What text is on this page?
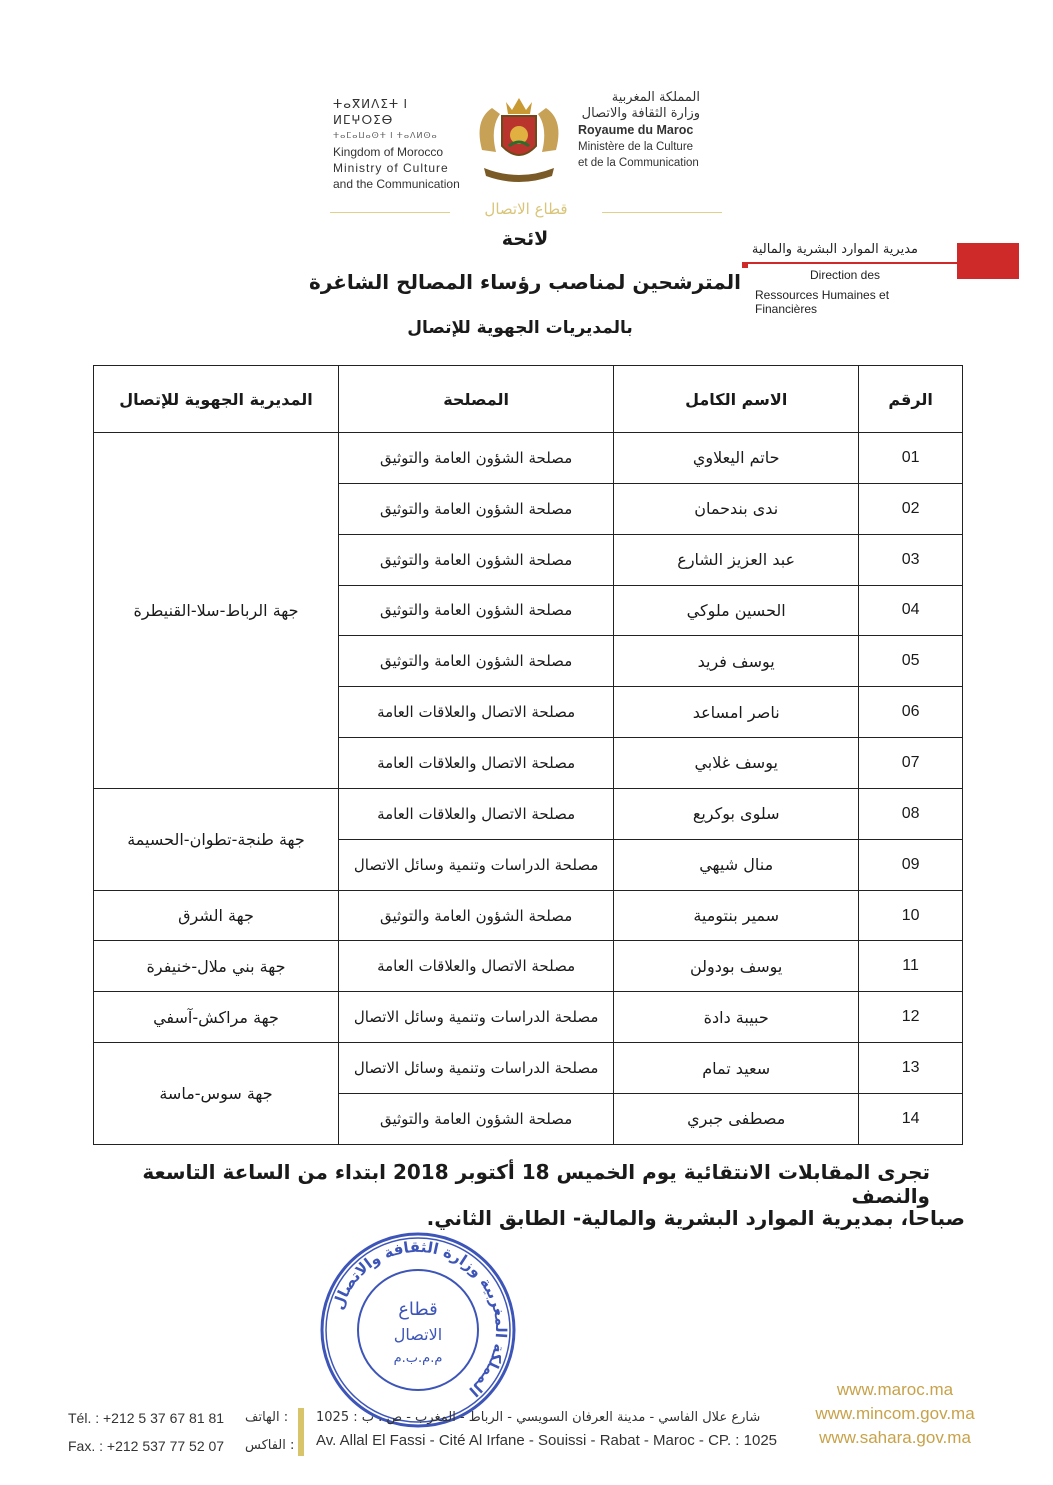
ⵜⴰⴳⵍⴷⵉⵜ ⵏ ⵍⵎⵖⵔⵉⴱ
ⵜⴰⵎⴰⵡⴰⵙⵜ ⵏ ⵜⴰⴷⵍⵙⴰ
Kingdom of Morocco
Ministry of Culture
and the Communication
المملكة المغربية
وزارة الثقافة والاتصال
Royaume du Maroc
Ministère de la Culture
et de la Communication
قطاع الاتصال
لائحة
المترشحين لمناصب رؤساء المصالح الشاغرة
بالمديريات الجهوية للإتصال
مديرية الموارد البشرية والمالية
Direction des
Ressources Humaines et Financières
الرقم	الاسم الكامل	المصلحة	المديرية الجهوية للإتصال
01	حاتم اليعلاوي	مصلحة الشؤون العامة والتوثيق	جهة الرباط-سلا-القنيطرة
02	ندى بندحمان	مصلحة الشؤون العامة والتوثيق	
03	عبد العزيز الشارع	مصلحة الشؤون العامة والتوثيق	
04	الحسين ملوكي	مصلحة الشؤون العامة والتوثيق	
05	يوسف فريد	مصلحة الشؤون العامة والتوثيق	
06	ناصر امساعد	مصلحة الاتصال والعلاقات العامة	
07	يوسف غلابي	مصلحة الاتصال والعلاقات العامة	
08	سلوى بوكريع	مصلحة الاتصال والعلاقات العامة	جهة طنجة-تطوان-الحسيمة
09	منال شيهي	مصلحة الدراسات وتنمية وسائل الاتصال	
10	سمير بنتومية	مصلحة الشؤون العامة والتوثيق	جهة الشرق
11	يوسف بودولن	مصلحة الاتصال والعلاقات العامة	جهة بني ملال-خنيفرة
12	حبيبة دادة	مصلحة الدراسات وتنمية وسائل الاتصال	جهة مراكش-آسفي
13	سعيد تمام	مصلحة الدراسات وتنمية وسائل الاتصال	جهة سوس-ماسة
14	مصطفى جبري	مصلحة الشؤون العامة والتوثيق	
تجرى المقابلات الانتقائية يوم الخميس 18 أكتوبر 2018 ابتداء من الساعة التاسعة والنصف
صباحا، بمديرية الموارد البشرية والمالية- الطابق الثاني.
المملكة المغربية وزارة الثقافة والاتصال
قطاع
الاتصال
م.م.ب.م
Tél. : +212 5 37 67 81 81 : الهاتف
Fax. : +212 537 77 52 07 : الفاكس
شارع علال الفاسي - مدينة العرفان السويسي - الرباط - المغرب - ص . ب : 1025
Av. Allal El Fassi - Cité Al Irfane - Souissi - Rabat - Maroc - CP. : 1025
www.maroc.ma
www.mincom.gov.ma
www.sahara.gov.ma
